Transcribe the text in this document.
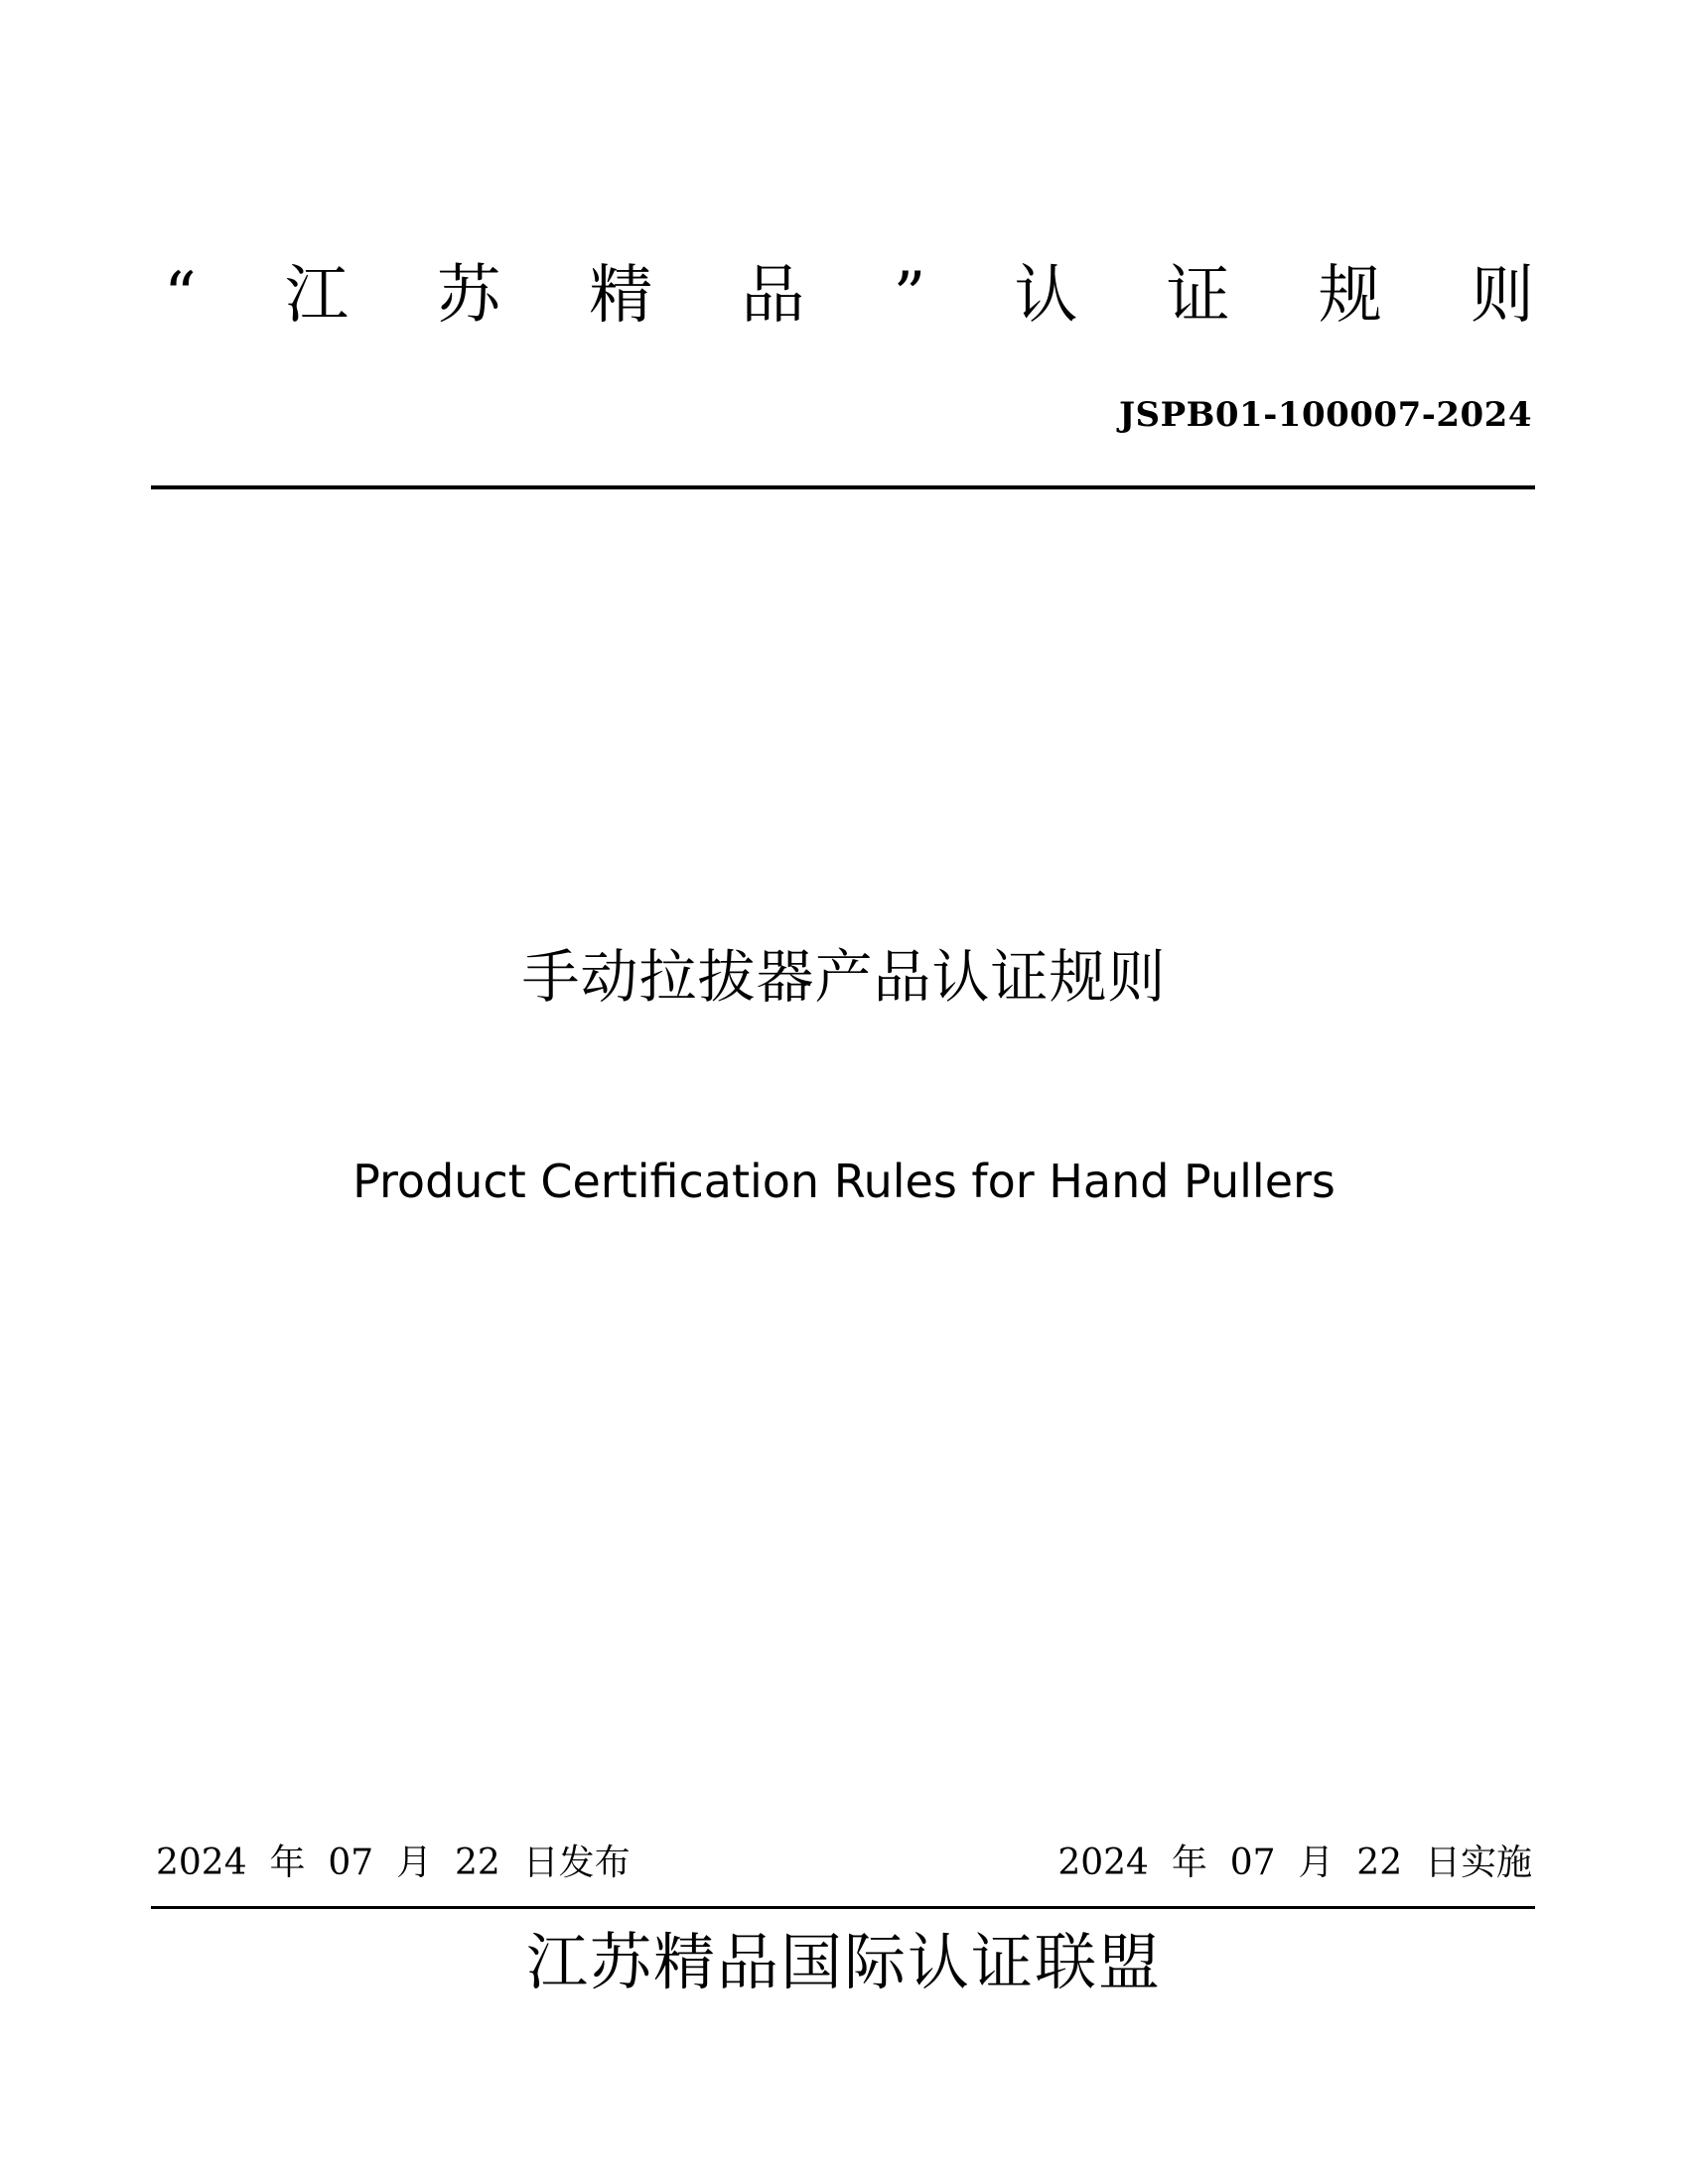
“ 江 苏 精 品 ” 认 证 规 则
JSPB01-100007-2024
手动拉拔器产品认证规则
Product Certification Rules for Hand Pullers
2024  年  07  月  22  日发布	2024  年  07  月  22  日实施
江苏精品国际认证联盟
